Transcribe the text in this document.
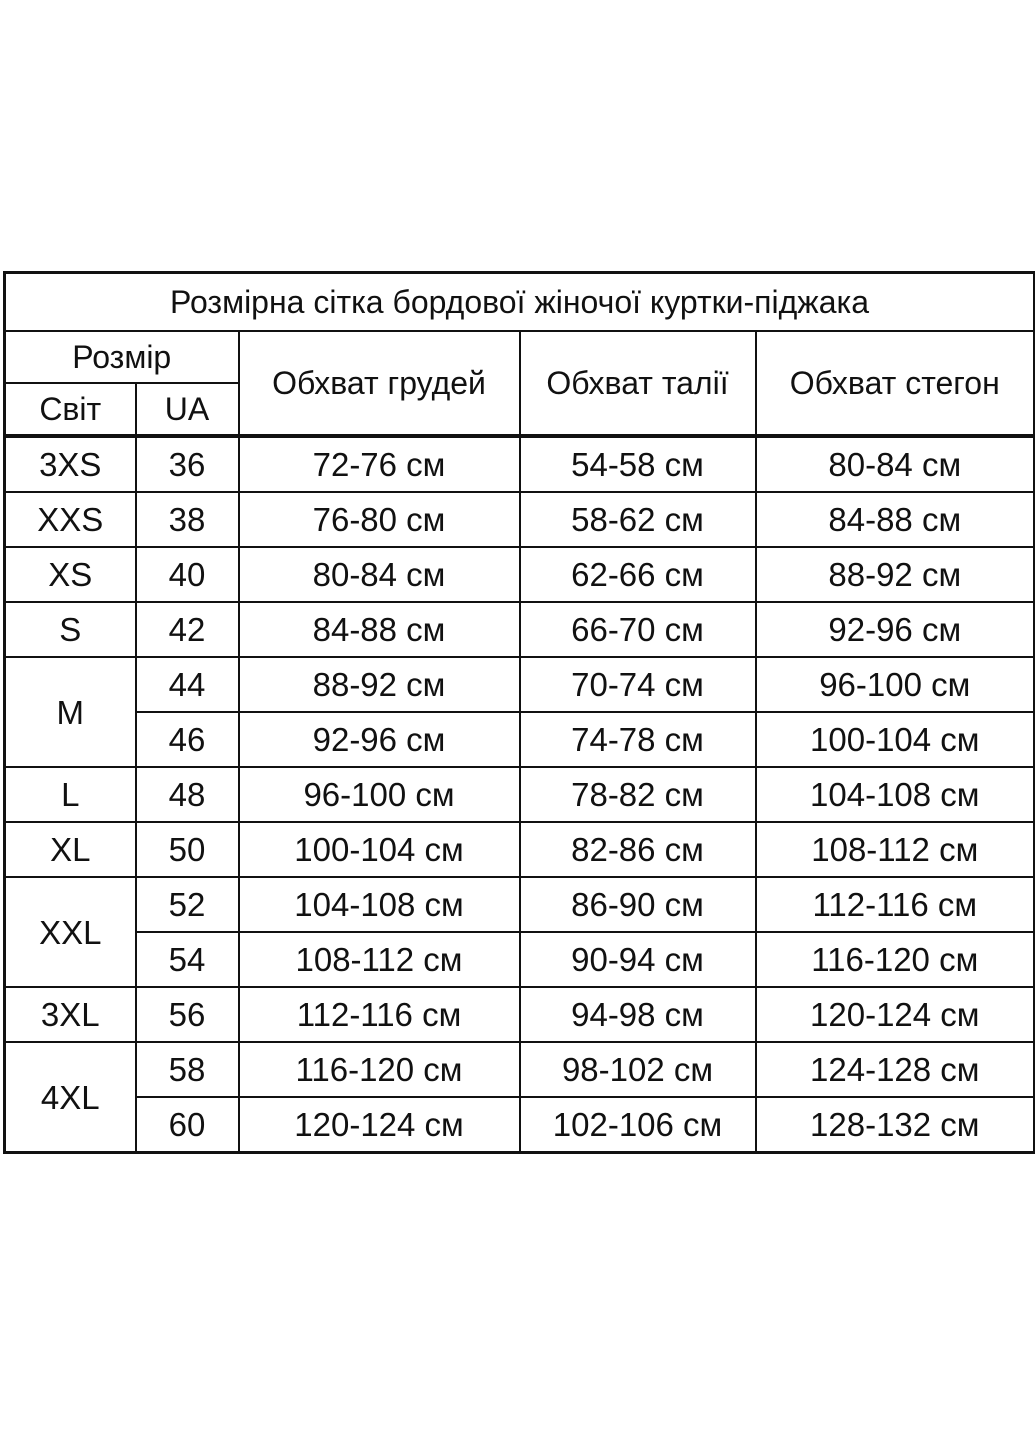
Розмірна сітка бордової жіночої куртки-піджака				
Розмір		Обхват грудей	Обхват талії	Обхват стегон
Світ	UA			
3XS	36	72-76 см	54-58 см	80-84 см
XXS	38	76-80 см	58-62 см	84-88 см
XS	40	80-84 см	62-66 см	88-92 см
S	42	84-88 см	66-70 см	92-96 см
M	44	88-92 см	70-74 см	96-100 см
	46	92-96 см	74-78 см	100-104 см
L	48	96-100 см	78-82 см	104-108 см
XL	50	100-104 см	82-86 см	108-112 см
XXL	52	104-108 см	86-90 см	112-116 см
	54	108-112 см	90-94 см	116-120 см
3XL	56	112-116 см	94-98 см	120-124 см
4XL	58	116-120 см	98-102 см	124-128 см
	60	120-124 см	102-106 см	128-132 см
